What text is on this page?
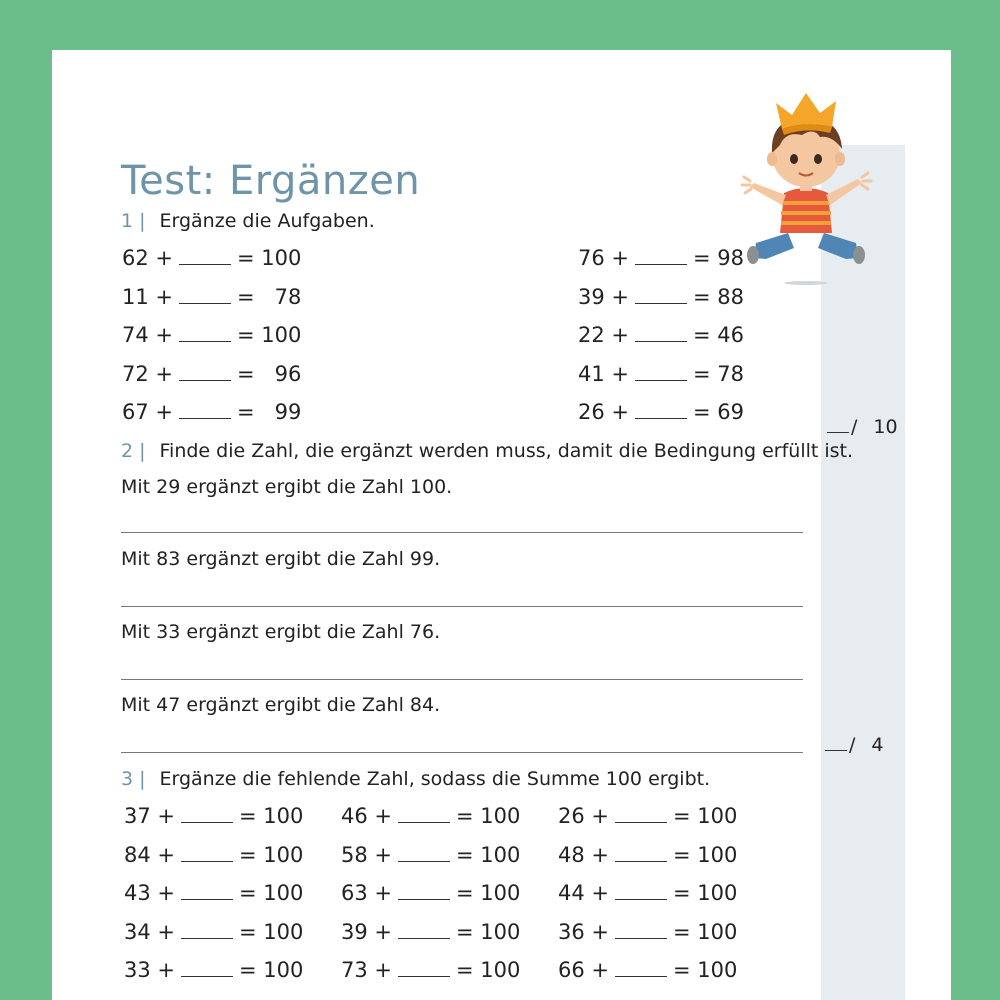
Test: Ergänzen
1 | Ergänze die Aufgaben.
62 +	= 100
11 +	=   78
74 +	= 100
72 +	=   96
67 +	=   99
76 +	= 98
39 +	= 88
22 +	= 46
41 +	= 78
26 +	= 69
/ 10
2 | Finde die Zahl, die ergänzt werden muss, damit die Bedingung erfüllt ist.
Mit 29 ergänzt ergibt die Zahl 100.
Mit 83 ergänzt ergibt die Zahl 99.
Mit 33 ergänzt ergibt die Zahl 76.
Mit 47 ergänzt ergibt die Zahl 84.
/ 4
3 | Ergänze die fehlende Zahl, sodass die Summe 100 ergibt.
37 +	= 100
84 +	= 100
43 +	= 100
34 +	= 100
33 +	= 100
46 +	= 100
58 +	= 100
63 +	= 100
39 +	= 100
73 +	= 100
26 +	= 100
48 +	= 100
44 +	= 100
36 +	= 100
66 +	= 100
